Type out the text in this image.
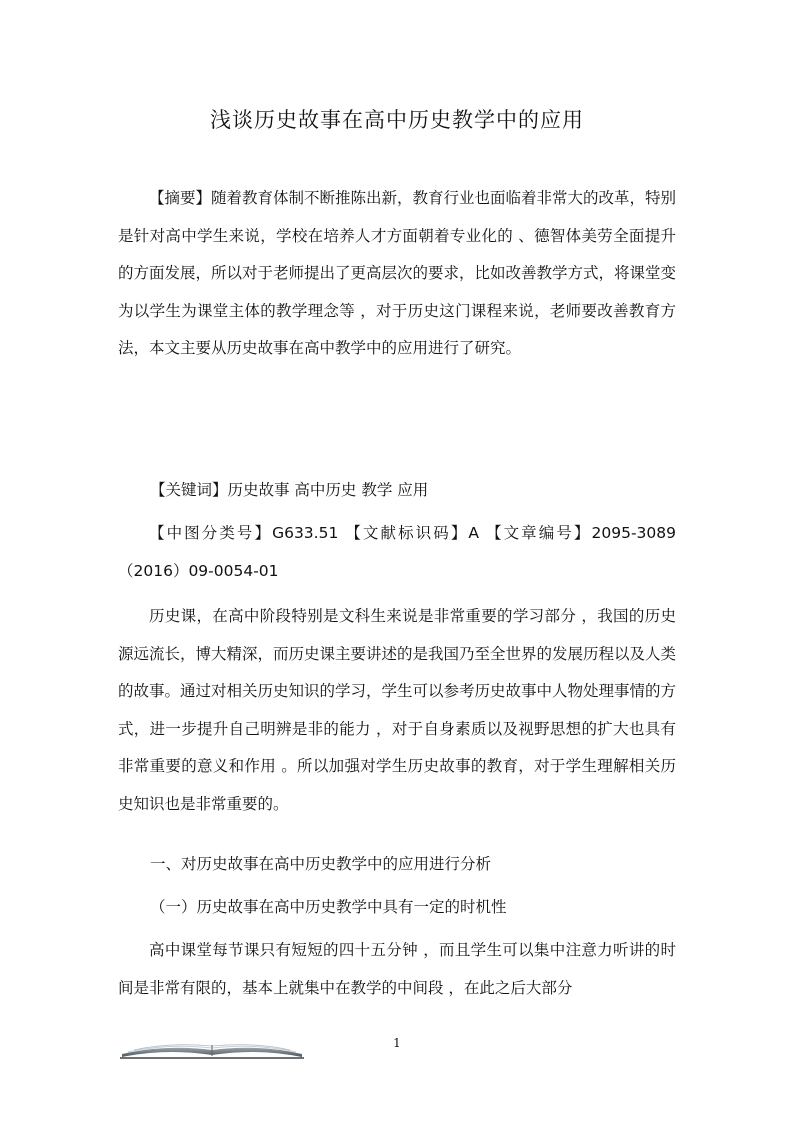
浅谈历史故事在高中历史教学中的应用

【摘要】随着教育体制不断推陈出新，教育行业也面临着非常大的改革，特别是针对高中学生来说，学校在培养人才方面朝着专业化的 、德智体美劳全面提升的方面发展，所以对于老师提出了更高层次的要求，比如改善教学方式，将课堂变为以学生为课堂主体的教学理念等 ，对于历史这门课程来说，老师要改善教育方法，本文主要从历史故事在高中教学中的应用进行了研究。

【关键词】历史故事 高中历史 教学 应用

【中图分类号】G633.51 【文献标识码】A 【文章编号】2095-3089（2016）09-0054-01

历史课，在高中阶段特别是文科生来说是非常重要的学习部分 ，我国的历史源远流长，博大精深，而历史课主要讲述的是我国乃至全世界的发展历程以及人类的故事。通过对相关历史知识的学习，学生可以参考历史故事中人物处理事情的方式，进一步提升自己明辨是非的能力 ，对于自身素质以及视野思想的扩大也具有非常重要的意义和作用 。所以加强对学生历史故事的教育，对于学生理解相关历史知识也是非常重要的。

一、对历史故事在高中历史教学中的应用进行分析

（一）历史故事在高中历史教学中具有一定的时机性

高中课堂每节课只有短短的四十五分钟 ，而且学生可以集中注意力听讲的时间是非常有限的，基本上就集中在教学的中间段 ，在此之后大部分

1
